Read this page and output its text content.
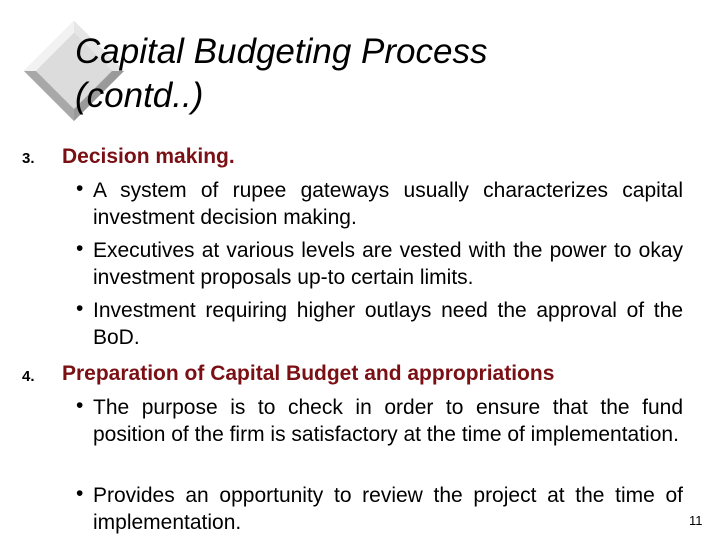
Capital Budgeting Process
(contd..)
3. Decision making.
• A system of rupee gateways usually characterizes capital investment decision making.
• Executives at various levels are vested with the power to okay investment proposals up-to certain limits.
• Investment requiring higher outlays need the approval of the BoD.
4. Preparation of Capital Budget and appropriations
• The purpose is to check in order to ensure that the fund position of the firm is satisfactory at the time of implementation.
• Provides an opportunity to review the project at the time of implementation.	11
